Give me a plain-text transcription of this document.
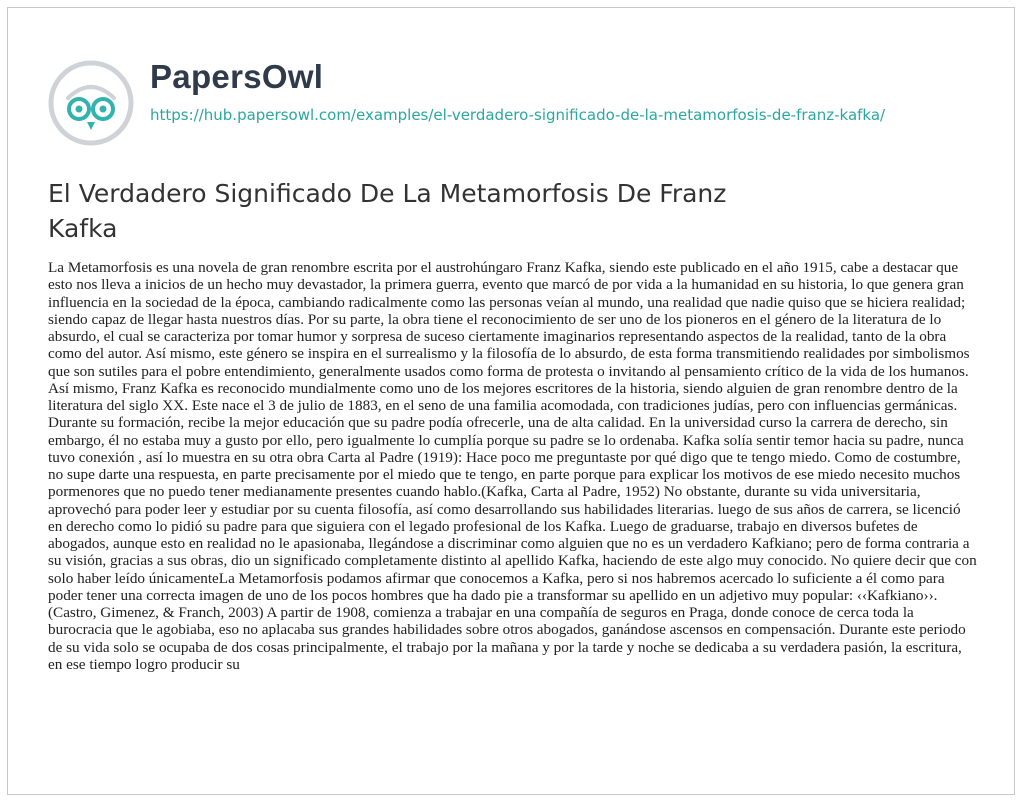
PapersOwl
https://hub.papersowl.com/examples/el-verdadero-significado-de-la-metamorfosis-de-franz-kafka/
El Verdadero Significado De La Metamorfosis De Franz Kafka

La Metamorfosis es una novela de gran renombre escrita por el austrohúngaro Franz Kafka, siendo este publicado en el año 1915, cabe a destacar que esto nos lleva a inicios de un hecho muy devastador, la primera guerra, evento que marcó de por vida a la humanidad en su historia, lo que genera gran influencia en la sociedad de la época, cambiando radicalmente como las personas veían al mundo, una realidad que nadie quiso que se hiciera realidad; siendo capaz de llegar hasta nuestros días. Por su parte, la obra tiene el reconocimiento de ser uno de los pioneros en el género de la literatura de lo absurdo, el cual se caracteriza por tomar humor y sorpresa de suceso ciertamente imaginarios representando aspectos de la realidad, tanto de la obra como del autor. Así mismo, este género se inspira en el surrealismo y la filosofía de lo absurdo, de esta forma transmitiendo realidades por simbolismos que son sutiles para el pobre entendimiento, generalmente usados como forma de protesta o invitando al pensamiento crítico de la vida de los humanos. Así mismo, Franz Kafka es reconocido mundialmente como uno de los mejores escritores de la historia, siendo alguien de gran renombre dentro de la literatura del siglo XX. Este nace el 3 de julio de 1883, en el seno de una familia acomodada, con tradiciones judías, pero con influencias germánicas. Durante su formación, recibe la mejor educación que su padre podía ofrecerle, una de alta calidad. En la universidad curso la carrera de derecho, sin embargo, él no estaba muy a gusto por ello, pero igualmente lo cumplía porque su padre se lo ordenaba. Kafka solía sentir temor hacia su padre, nunca tuvo conexión , así lo muestra en su otra obra Carta al Padre (1919): Hace poco me preguntaste por qué digo que te tengo miedo. Como de costumbre, no supe darte una respuesta, en parte precisamente por el miedo que te tengo, en parte porque para explicar los motivos de ese miedo necesito muchos pormenores que no puedo tener medianamente presentes cuando hablo.(Kafka, Carta al Padre, 1952) No obstante, durante su vida universitaria, aprovechó para poder leer y estudiar por su cuenta filosofía, así como desarrollando sus habilidades literarias. luego de sus años de carrera, se licenció en derecho como lo pidió su padre para que siguiera con el legado profesional de los Kafka. Luego de graduarse, trabajo en diversos bufetes de abogados, aunque esto en realidad no le apasionaba, llegándose a discriminar como alguien que no es un verdadero Kafkiano; pero de forma contraria a su visión, gracias a sus obras, dio un significado completamente distinto al apellido Kafka, haciendo de este algo muy conocido. No quiere decir que con solo haber leído únicamenteLa Metamorfosis podamos afirmar que conocemos a Kafka, pero si nos habremos acercado lo suficiente a él como para poder tener una correcta imagen de uno de los pocos hombres que ha dado pie a transformar su apellido en un adjetivo muy popular: ‹‹Kafkiano››. (Castro, Gimenez, & Franch, 2003) A partir de 1908, comienza a trabajar en una compañía de seguros en Praga, donde conoce de cerca toda la burocracia que le agobiaba, eso no aplacaba sus grandes habilidades sobre otros abogados, ganándose ascensos en compensación. Durante este periodo de su vida solo se ocupaba de dos cosas principalmente, el trabajo por la mañana y por la tarde y noche se dedicaba a su verdadera pasión, la escritura, en ese tiempo logro producir su
